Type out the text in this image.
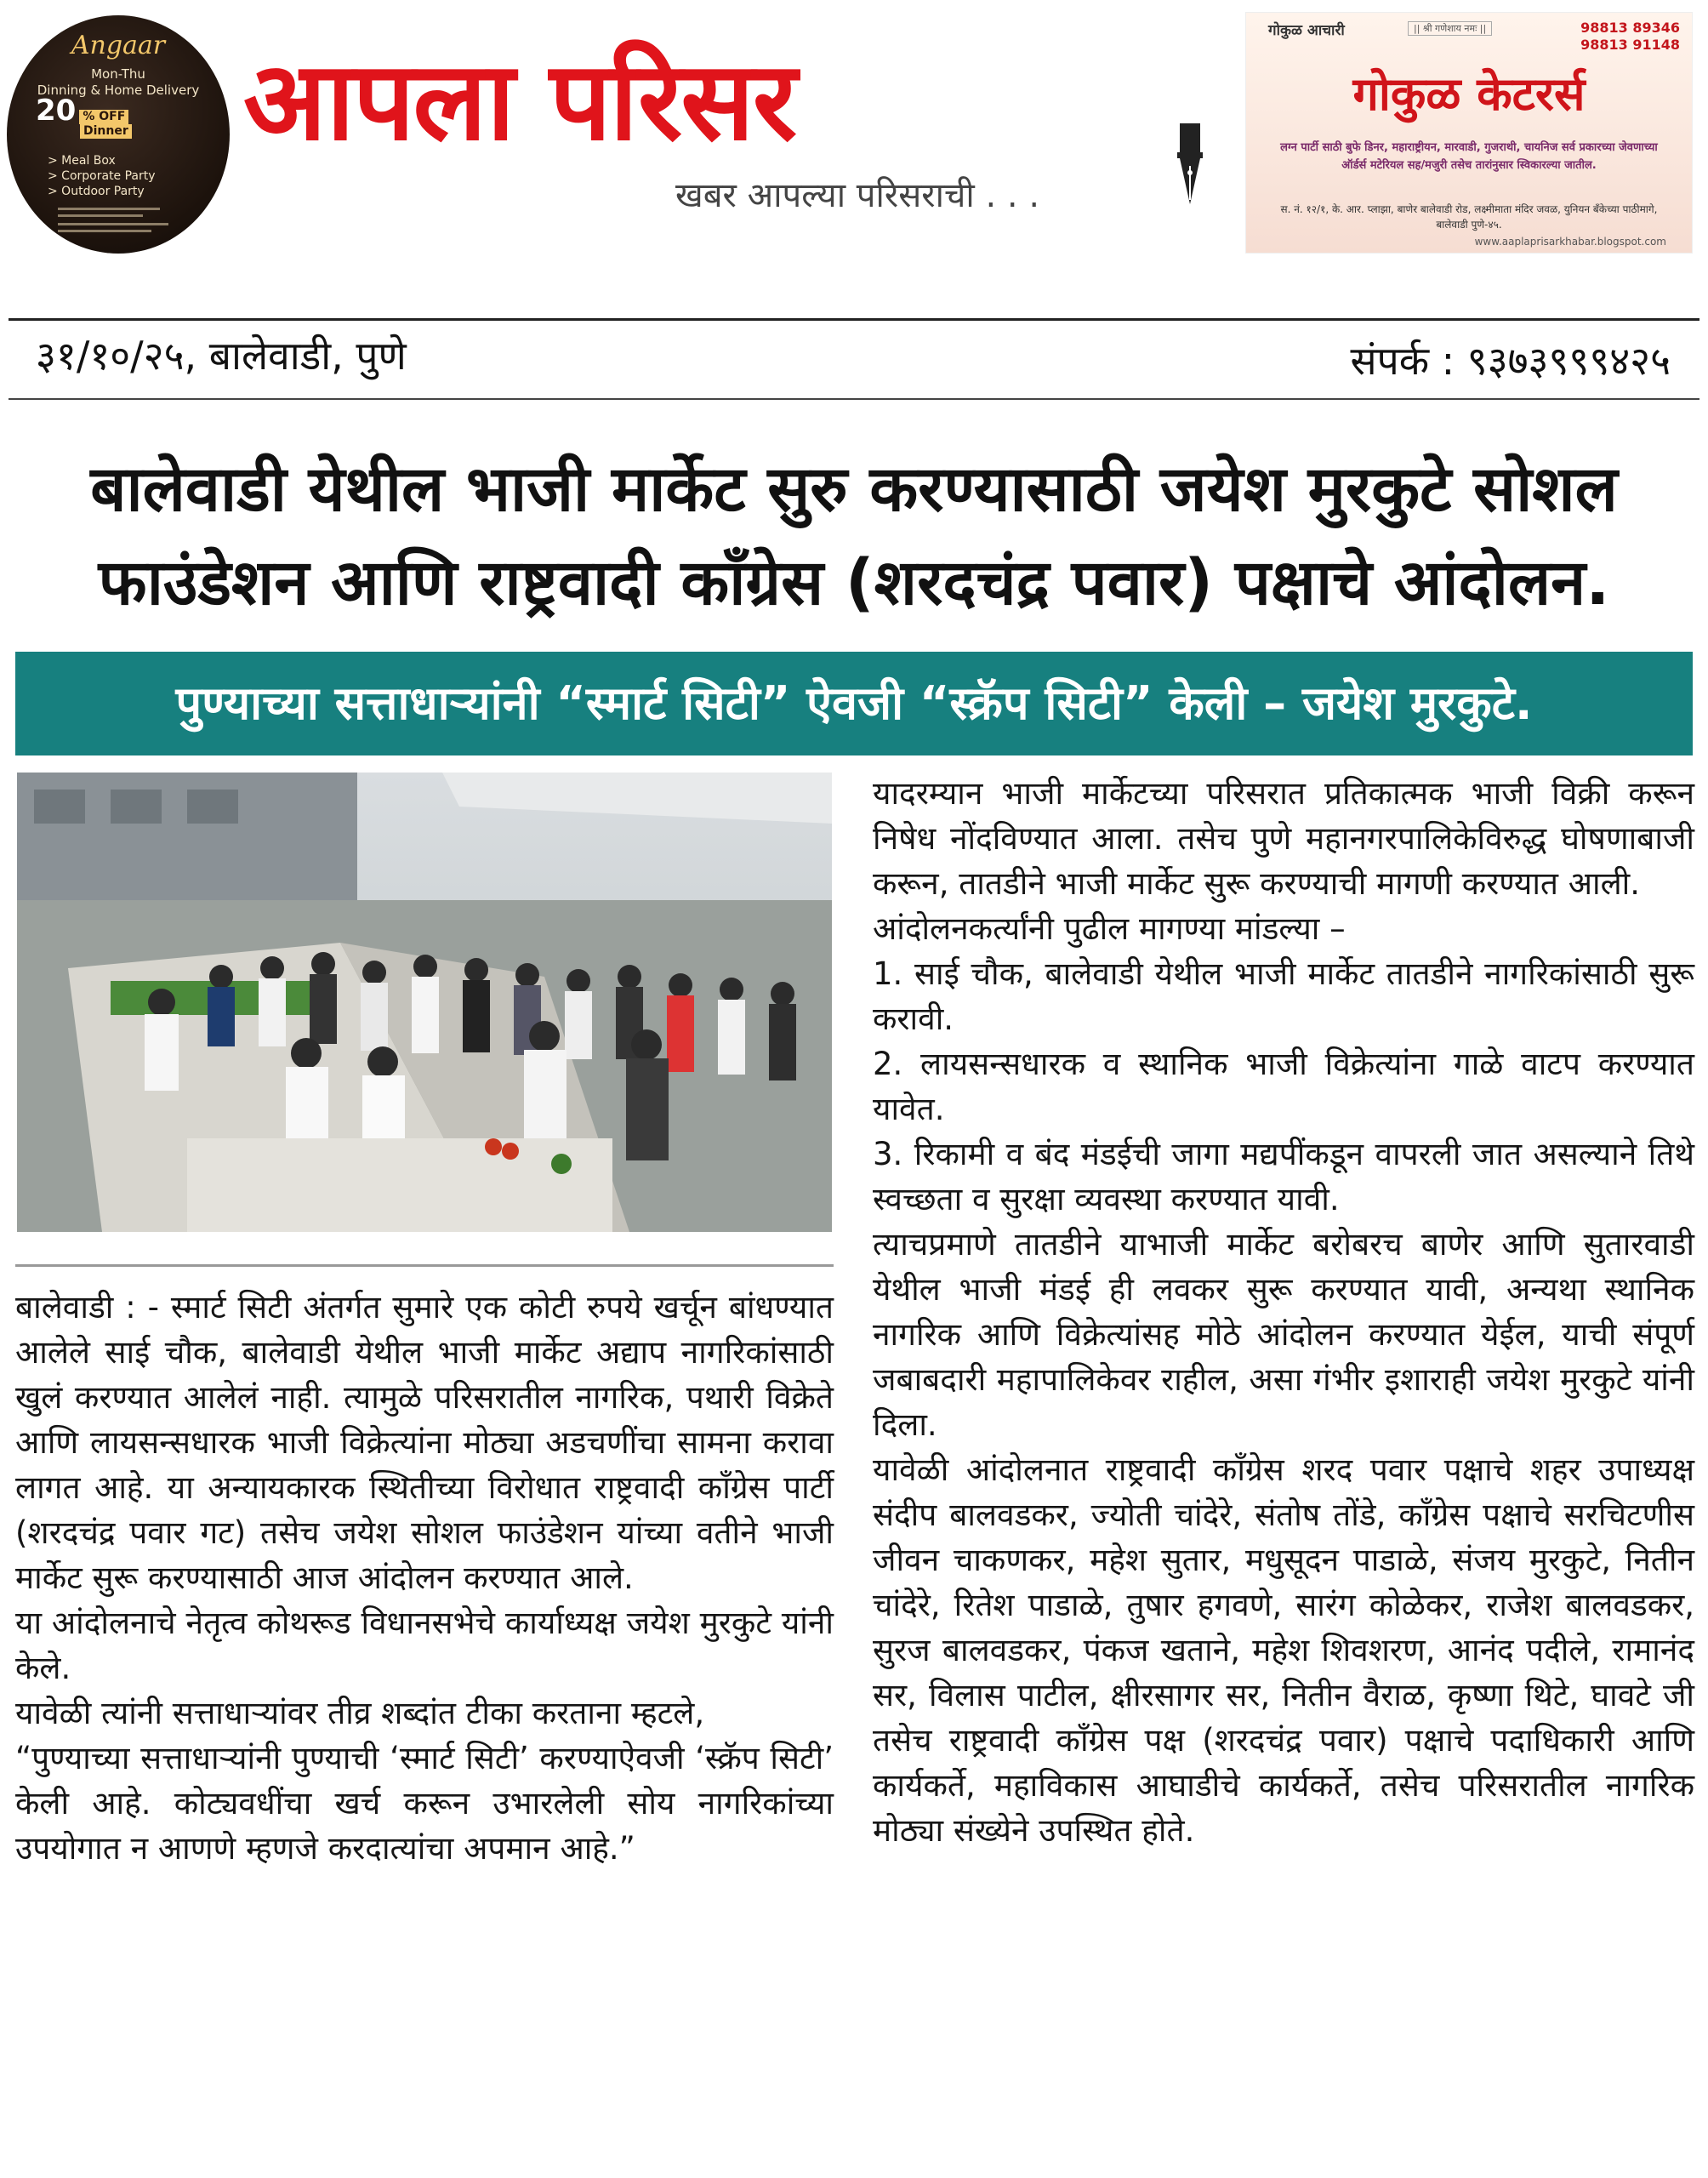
Angaar
Mon-Thu
Dinning & Home Delivery
20 % OFF
Dinner
> Meal Box
> Corporate Party
> Outdoor Party
आपला परिसर
खबर आपल्या परिसराची . . .
गोकुळ आचारी	|| श्री गणेशाय नमः ||	98813 89346
98813 91148
गोकुळ केटरर्स
लग्न पार्टी साठी बुफे डिनर, महाराष्ट्रीयन, मारवाडी, गुजराथी, चायनिज सर्व प्रकारच्या जेवणाच्या ऑर्डर्स मटेरियल सह/मजुरी तसेच तारांनुसार स्विकारल्या जातील.
स. नं. १२/१, के. आर. प्लाझा, बाणेर बालेवाडी रोड, लक्ष्मीमाता मंदिर जवळ, युनियन बँकेच्या पाठीमागे, बालेवाडी पुणे-४५.
www.aaplaprisarkhabar.blogspot.com
३१/१०/२५, बालेवाडी, पुणे	संपर्क : ९३७३९९९४२५
बालेवाडी येथील भाजी मार्केट सुरु करण्यासाठी जयेश मुरकुटे सोशल
फाउंडेशन आणि राष्ट्रवादी कॉंग्रेस (शरदचंद्र पवार) पक्षाचे आंदोलन.
पुण्याच्या सत्ताधाऱ्यांनी “स्मार्ट सिटी” ऐवजी “स्क्रॅप सिटी” केली – जयेश मुरकुटे.

बालेवाडी : - स्मार्ट सिटी अंतर्गत सुमारे एक कोटी रुपये खर्चून बांधण्यात आलेले साई चौक, बालेवाडी येथील भाजी मार्केट अद्याप नागरिकांसाठी खुलं करण्यात आलेलं नाही. त्यामुळे परिसरातील नागरिक, पथारी विक्रेते आणि लायसन्सधारक भाजी विक्रेत्यांना मोठ्या अडचणींचा सामना करावा लागत आहे. या अन्यायकारक स्थितीच्या विरोधात राष्ट्रवादी कॉंग्रेस पार्टी (शरदचंद्र पवार गट) तसेच जयेश सोशल फाउंडेशन यांच्या वतीने भाजी मार्केट सुरू करण्यासाठी आज आंदोलन करण्यात आले.

या आंदोलनाचे नेतृत्व कोथरूड विधानसभेचे कार्याध्यक्ष जयेश मुरकुटे यांनी केले.

यावेळी त्यांनी सत्ताधाऱ्यांवर तीव्र शब्दांत टीका करताना म्हटले,

“पुण्याच्या सत्ताधाऱ्यांनी पुण्याची ‘स्मार्ट सिटी’ करण्याऐवजी ‘स्क्रॅप सिटी’ केली आहे. कोट्यवधींचा खर्च करून उभारलेली सोय नागरिकांच्या उपयोगात न आणणे म्हणजे करदात्यांचा अपमान आहे.”

यादरम्यान भाजी मार्केटच्या परिसरात प्रतिकात्मक भाजी विक्री करून निषेध नोंदविण्यात आला. तसेच पुणे महानगरपालिकेविरुद्ध घोषणाबाजी करून, तातडीने भाजी मार्केट सुरू करण्याची मागणी करण्यात आली.

आंदोलनकर्त्यांनी पुढील मागण्या मांडल्या –

1. साई चौक, बालेवाडी येथील भाजी मार्केट तातडीने नागरिकांसाठी सुरू करावी.

2. लायसन्सधारक व स्थानिक भाजी विक्रेत्यांना गाळे वाटप करण्यात यावेत.

3. रिकामी व बंद मंडईची जागा मद्यपींकडून वापरली जात असल्याने तिथे स्वच्छता व सुरक्षा व्यवस्था करण्यात यावी.

त्याचप्रमाणे तातडीने याभाजी मार्केट बरोबरच बाणेर आणि सुतारवाडी येथील भाजी मंडई ही लवकर सुरू करण्यात यावी, अन्यथा स्थानिक नागरिक आणि विक्रेत्यांसह मोठे आंदोलन करण्यात येईल, याची संपूर्ण जबाबदारी महापालिकेवर राहील, असा गंभीर इशाराही जयेश मुरकुटे यांनी दिला.

यावेळी आंदोलनात राष्ट्रवादी कॉंग्रेस शरद पवार पक्षाचे शहर उपाध्यक्ष संदीप बालवडकर, ज्योती चांदेरे, संतोष तोंडे, कॉंग्रेस पक्षाचे सरचिटणीस जीवन चाकणकर, महेश सुतार, मधुसूदन पाडाळे, संजय मुरकुटे, नितीन चांदेरे, रितेश पाडाळे, तुषार हगवणे, सारंग कोळेकर, राजेश बालवडकर, सुरज बालवडकर, पंकज खताने, महेश शिवशरण, आनंद पदीले, रामानंद सर, विलास पाटील, क्षीरसागर सर, नितीन वैराळ, कृष्णा थिटे, घावटे जी तसेच राष्ट्रवादी कॉंग्रेस पक्ष (शरदचंद्र पवार) पक्षाचे पदाधिकारी आणि कार्यकर्ते, महाविकास आघाडीचे कार्यकर्ते, तसेच परिसरातील नागरिक मोठ्या संख्येने उपस्थित होते.
